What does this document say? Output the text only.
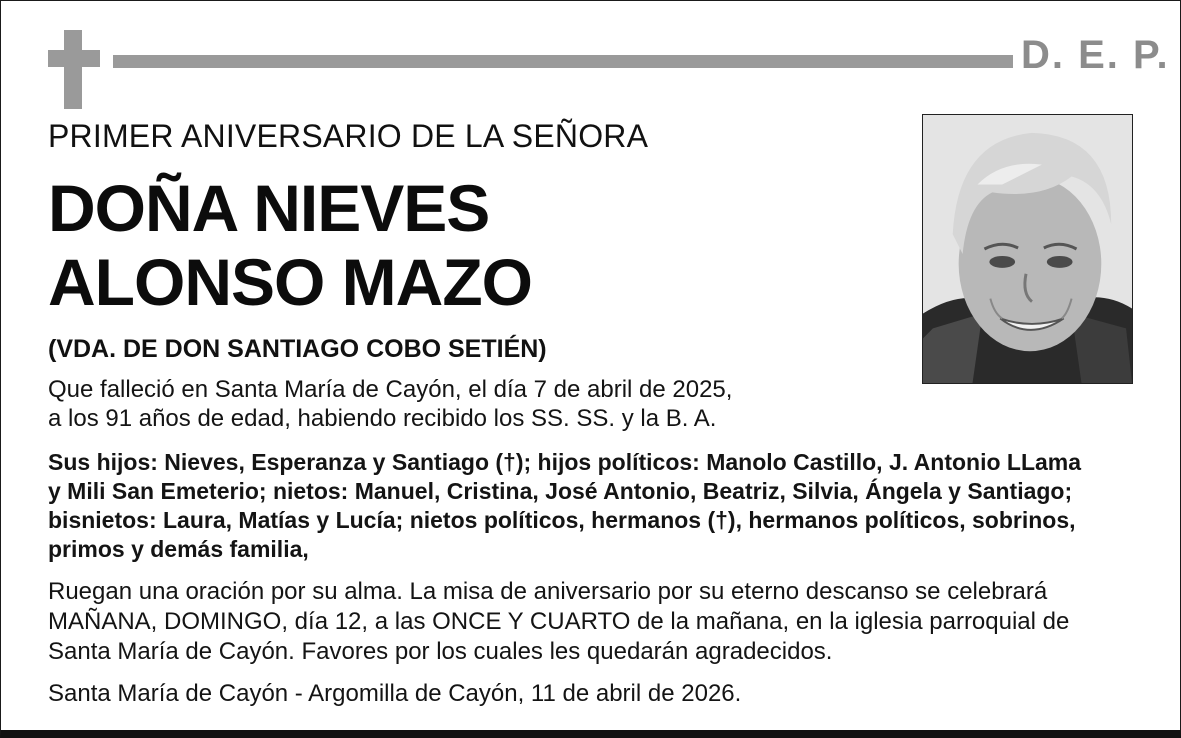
D. E. P.
PRIMER ANIVERSARIO DE LA SEÑORA
DOÑA NIEVES
ALONSO MAZO
(VDA. DE DON SANTIAGO COBO SETIÉN)
Que falleció en Santa María de Cayón, el día 7 de abril de 2025,
a los 91 años de edad, habiendo recibido los SS. SS. y la B. A.
Sus hijos: Nieves, Esperanza y Santiago (†); hijos políticos: Manolo Castillo, J. Antonio LLama
y Mili San Emeterio; nietos: Manuel, Cristina, José Antonio, Beatriz, Silvia, Ángela y Santiago;
bisnietos: Laura, Matías y Lucía; nietos políticos, hermanos (†), hermanos políticos, sobrinos,
primos y demás familia,
Ruegan una oración por su alma. La misa de aniversario por su eterno descanso se celebrará
MAÑANA, DOMINGO, día 12, a las ONCE Y CUARTO de la mañana, en la iglesia parroquial de
Santa María de Cayón. Favores por los cuales les quedarán agradecidos.
Santa María de Cayón - Argomilla de Cayón, 11 de abril de 2026.
